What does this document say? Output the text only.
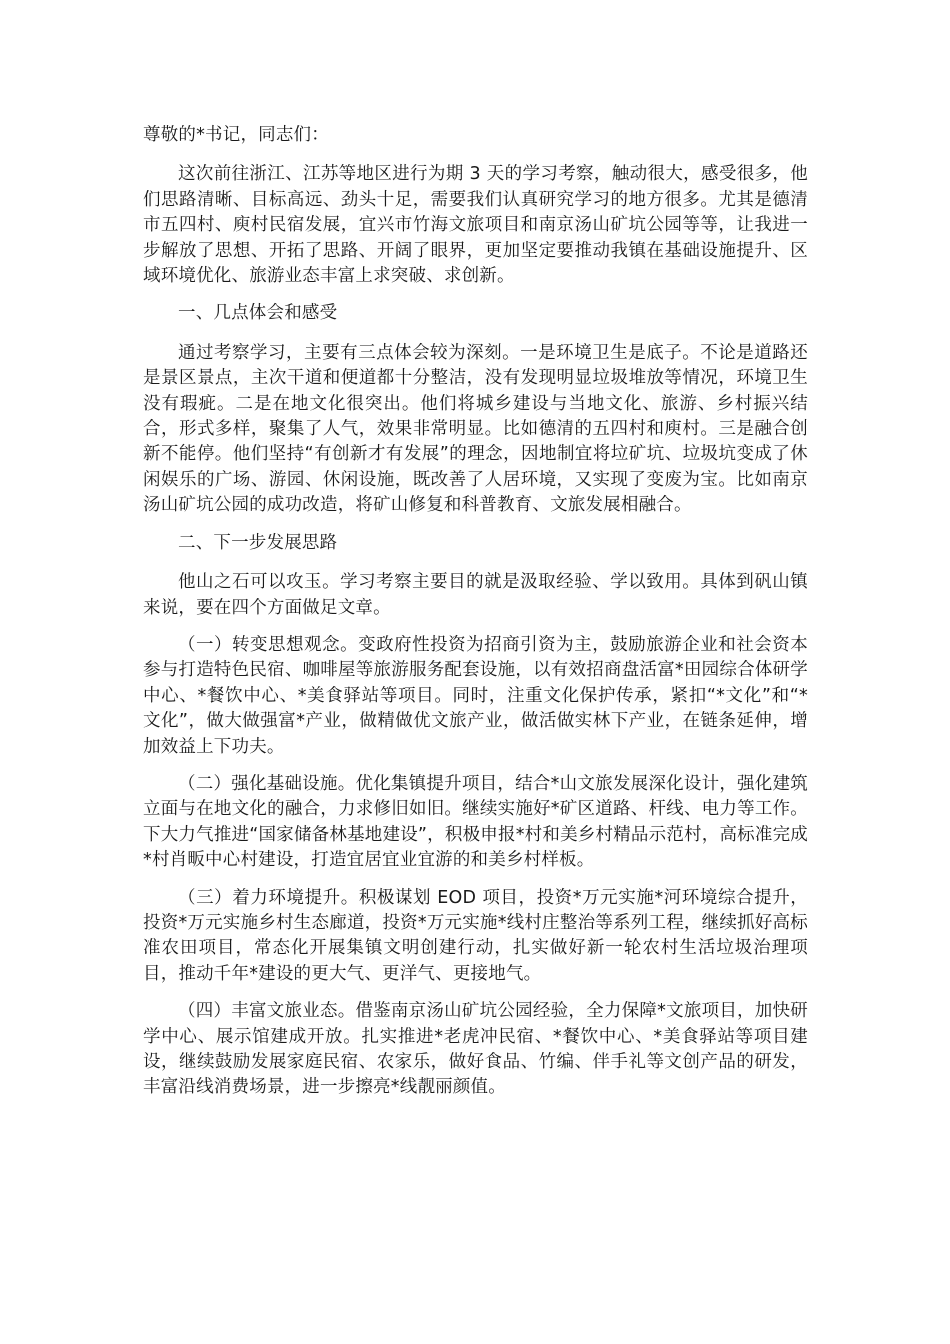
尊敬的*书记，同志们：

这次前往浙江、江苏等地区进行为期 3 天的学习考察，触动很大，感受很多，他们思路清晰、目标高远、劲头十足，需要我们认真研究学习的地方很多。尤其是德清市五四村、庾村民宿发展，宜兴市竹海文旅项目和南京汤山矿坑公园等等，让我进一步解放了思想、开拓了思路、开阔了眼界，更加坚定要推动我镇在基础设施提升、区域环境优化、旅游业态丰富上求突破、求创新。

一、几点体会和感受

通过考察学习，主要有三点体会较为深刻。一是环境卫生是底子。不论是道路还是景区景点，主次干道和便道都十分整洁，没有发现明显垃圾堆放等情况，环境卫生没有瑕疵。二是在地文化很突出。他们将城乡建设与当地文化、旅游、乡村振兴结合，形式多样，聚集了人气，效果非常明显。比如德清的五四村和庾村。三是融合创新不能停。他们坚持“有创新才有发展”的理念，因地制宜将垃矿坑、垃圾坑变成了休闲娱乐的广场、游园、休闲设施，既改善了人居环境，又实现了变废为宝。比如南京汤山矿坑公园的成功改造，将矿山修复和科普教育、文旅发展相融合。

二、下一步发展思路

他山之石可以攻玉。学习考察主要目的就是汲取经验、学以致用。具体到矾山镇来说，要在四个方面做足文章。

（一）转变思想观念。变政府性投资为招商引资为主，鼓励旅游企业和社会资本参与打造特色民宿、咖啡屋等旅游服务配套设施，以有效招商盘活富*田园综合体研学中心、*餐饮中心、*美食驿站等项目。同时，注重文化保护传承，紧扣“*文化”和“*文化”，做大做强富*产业，做精做优文旅产业，做活做实林下产业，在链条延伸，增加效益上下功夫。

（二）强化基础设施。优化集镇提升项目，结合*山文旅发展深化设计，强化建筑立面与在地文化的融合，力求修旧如旧。继续实施好*矿区道路、杆线、电力等工作。下大力气推进“国家储备林基地建设”，积极申报*村和美乡村精品示范村，高标准完成*村肖畈中心村建设，打造宜居宜业宜游的和美乡村样板。

（三）着力环境提升。积极谋划 EOD 项目，投资*万元实施*河环境综合提升，投资*万元实施乡村生态廊道，投资*万元实施*线村庄整治等系列工程，继续抓好高标准农田项目，常态化开展集镇文明创建行动，扎实做好新一轮农村生活垃圾治理项目，推动千年*建设的更大气、更洋气、更接地气。

（四）丰富文旅业态。借鉴南京汤山矿坑公园经验，全力保障*文旅项目，加快研学中心、展示馆建成开放。扎实推进*老虎冲民宿、*餐饮中心、*美食驿站等项目建设，继续鼓励发展家庭民宿、农家乐，做好食品、竹编、伴手礼等文创产品的研发，丰富沿线消费场景，进一步擦亮*线靓丽颜值。
